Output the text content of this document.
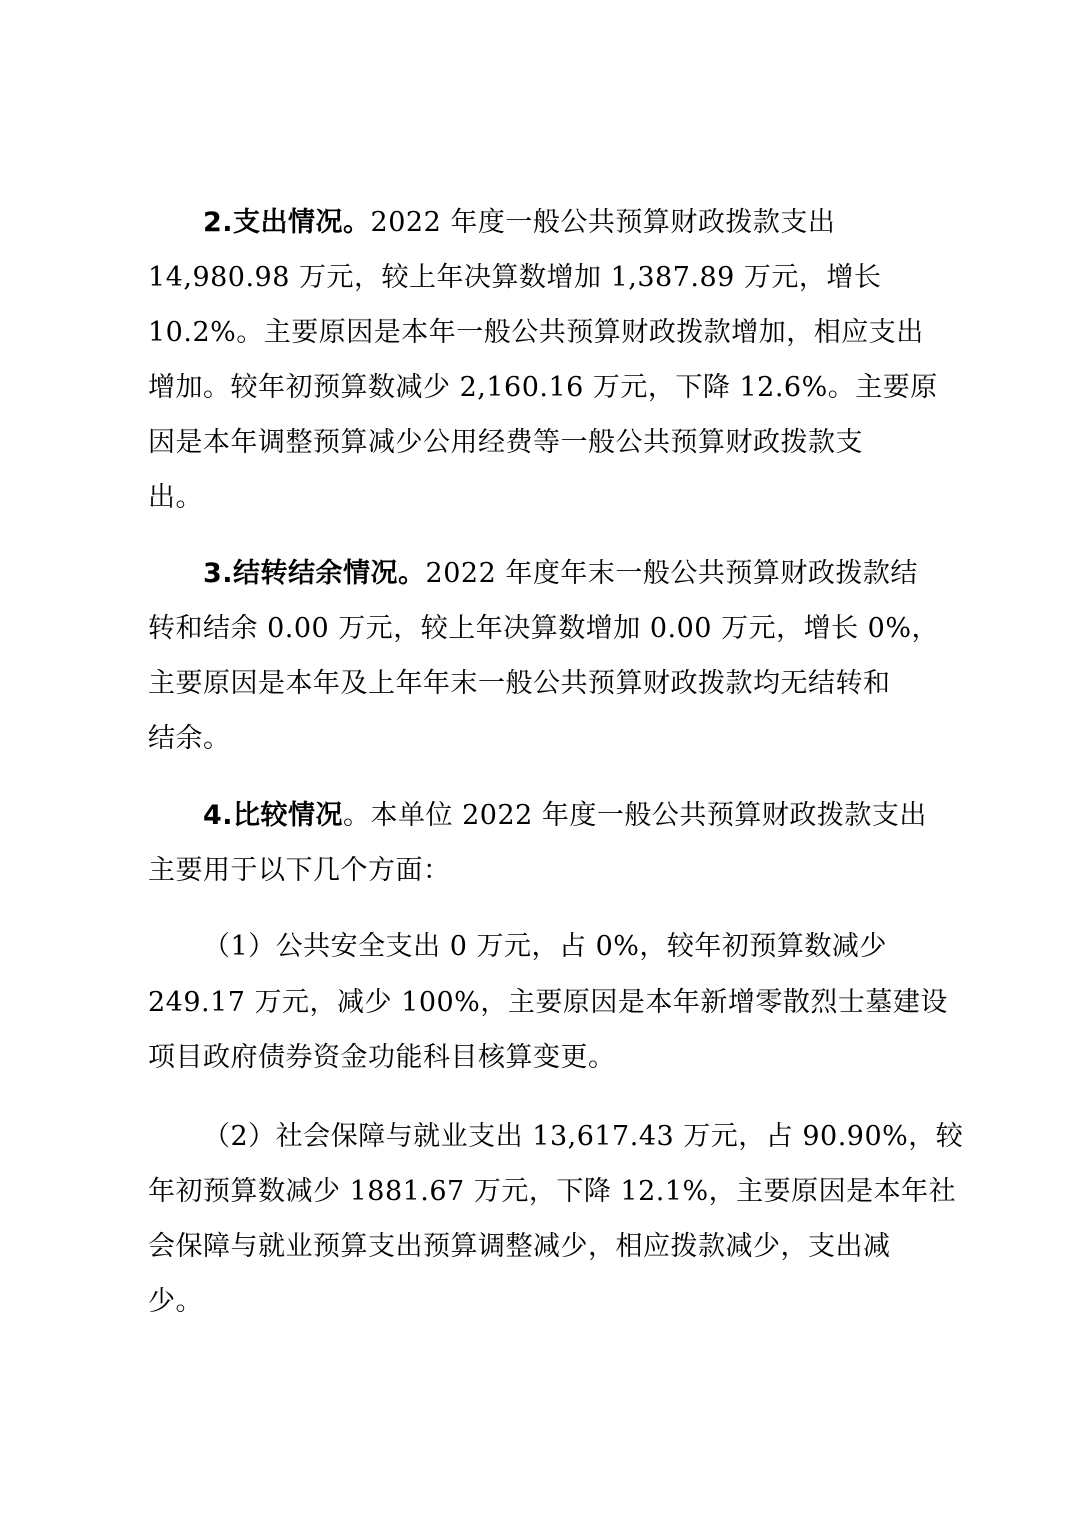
2.支出情况。2022 年度一般公共预算财政拨款支出
14,980.98 万元，较上年决算数增加 1,387.89 万元，增长
10.2%。主要原因是本年一般公共预算财政拨款增加，相应支出
增加。较年初预算数减少 2,160.16 万元，下降 12.6%。主要原
因是本年调整预算减少公用经费等一般公共预算财政拨款支
出。
3.结转结余情况。2022 年度年末一般公共预算财政拨款结
转和结余 0.00 万元，较上年决算数增加 0.00 万元，增长 0%，
主要原因是本年及上年年末一般公共预算财政拨款均无结转和
结余。
4.比较情况。本单位 2022 年度一般公共预算财政拨款支出
主要用于以下几个方面：
（1）公共安全支出 0 万元，占 0%，较年初预算数减少
249.17 万元，减少 100%，主要原因是本年新增零散烈士墓建设
项目政府债券资金功能科目核算变更。
（2）社会保障与就业支出 13,617.43 万元，占 90.90%，较
年初预算数减少 1881.67 万元，下降 12.1%，主要原因是本年社
会保障与就业预算支出预算调整减少，相应拨款减少，支出减
少。
